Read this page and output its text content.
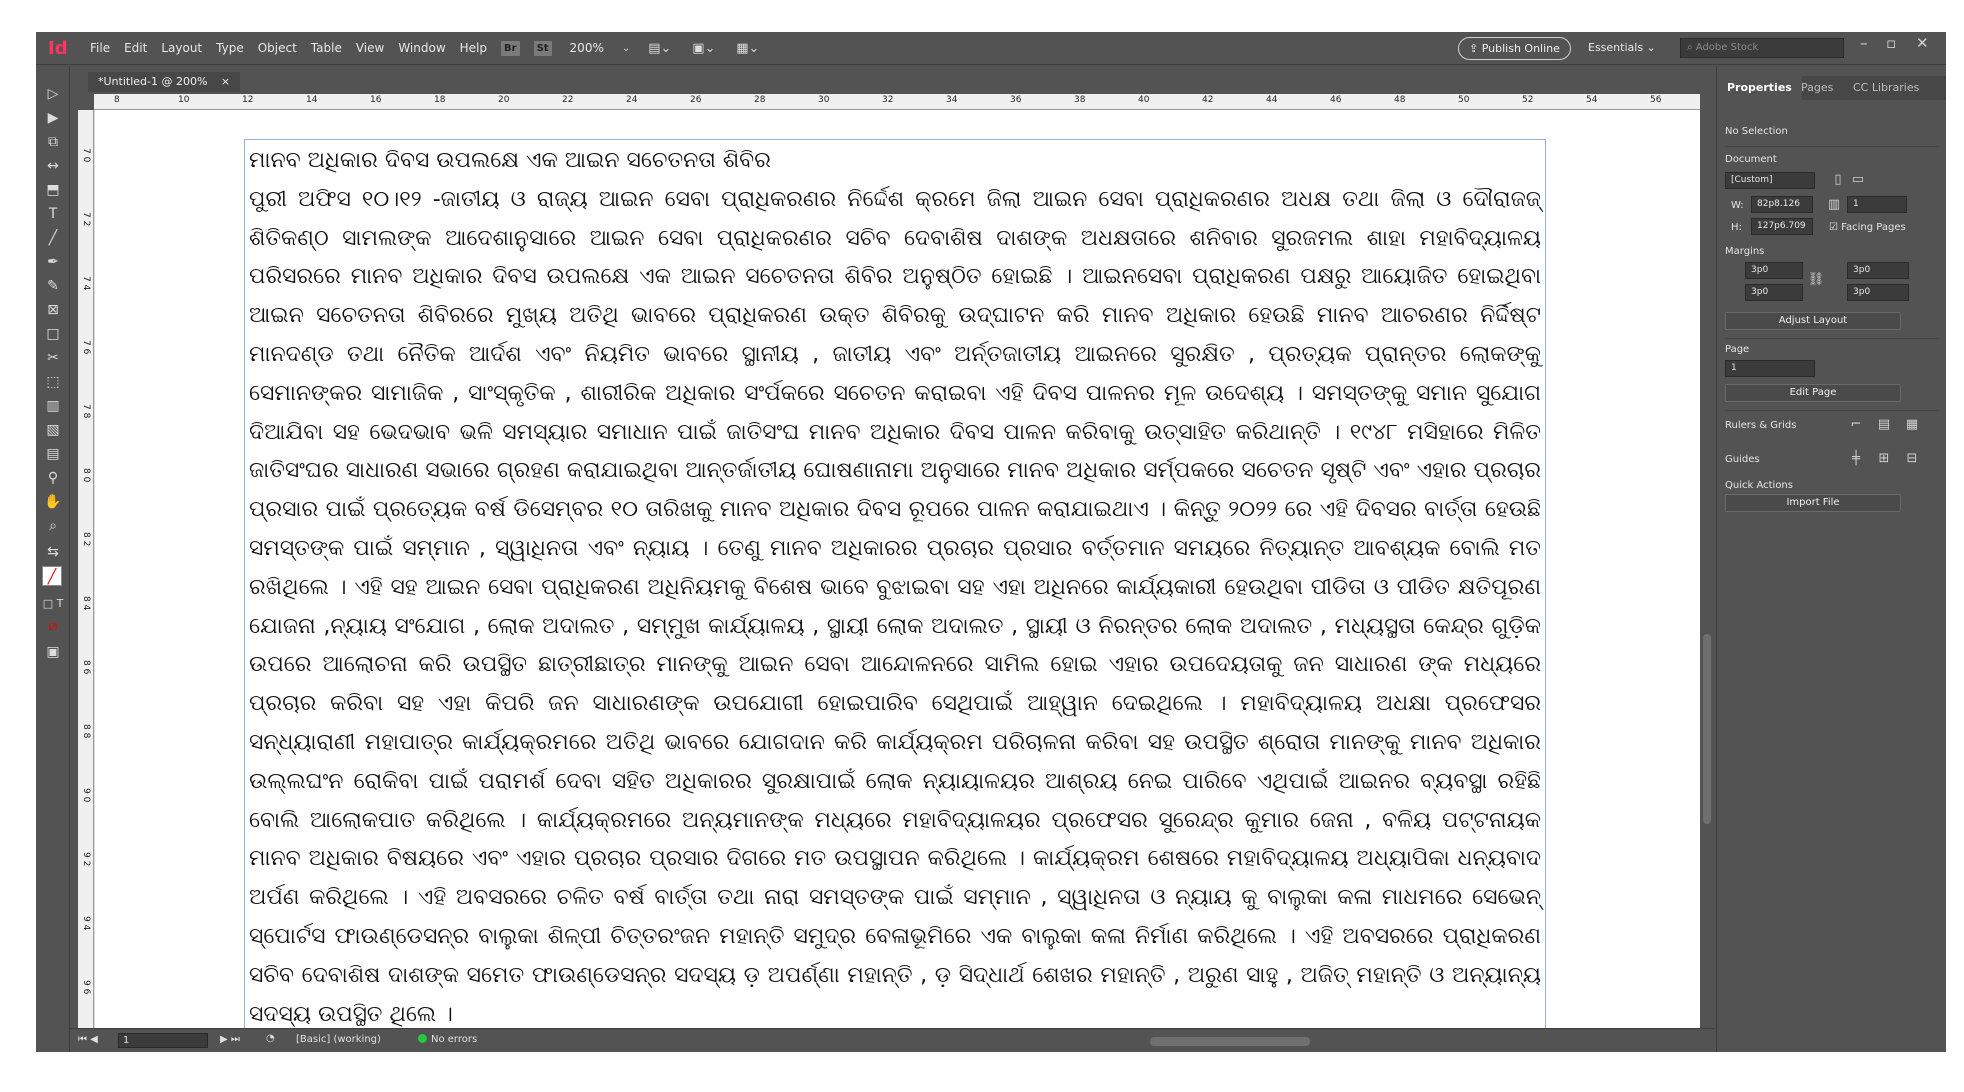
Id	File Edit Layout Type Object Table View Window Help	Br	St 200% ⌄ ▤⌄ ▣⌄ ▦⌄	⇪ Publish Online	Essentials ⌄	⌕ Adobe Stock	– ▫ ✕
▷
▶
⧉
↔
⬒
T
╱
✒
✎
⊠
□
✂
⬚
▥
▧
▤
⚲
✋
⌕
⇆
╱
□ T
⧄
▣
*Untitled-1 @ 200% ×
8	10	12	14	16	18	20	22	24	26	28	30	32	34	36	38	40	42	44	46	48	50	52	54	56
7 0
7 2
7 4
7 6
7 8
8 0
8 2
8 4
8 6
8 8
9 0
9 2
9 4
9 6

ମାନବ ଅଧିକାର ଦିବସ ଉପଲକ୍ଷେ ଏକ ଆଇନ ସଚେତନତା ଶିବିର

ପୁରୀ ଅଫିସ ୧୦।୧୨ -ଜାତୀୟ ଓ ରାଜ୍ୟ ଆଇନ ସେବା ପ୍ରାଧିକରଣର ନିର୍ଦ୍ଦେଶ କ୍ରମେ ଜିଲା ଆଇନ ସେବା ପ୍ରାଧିକରଣର ଅଧକ୍ଷ ତଥା ଜିଲା ଓ ଦୌରାଜଜ୍ ଶିତିକଣ୍ଠ ସାମଲଙ୍କ ଆଦେଶାନୁସାରେ ଆଇନ ସେବା ପ୍ରାଧିକରଣର ସଚିବ ଦେବାଶିଷ ଦାଶଙ୍କ ଅଧକ୍ଷତାରେ ଶନିବାର ସୁରଜମଲ ଶାହା ମହାବିଦ୍ୟାଳୟ ପରିସରରେ ମାନବ ଅଧିକାର ଦିବସ ଉପଲକ୍ଷେ ଏକ ଆଇନ ସଚେତନତା ଶିବିର ଅନୁଷ୍ଠିତ ହୋଇଛି । ଆଇନସେବା ପ୍ରାଧିକରଣ ପକ୍ଷରୁ ଆୟୋଜିତ ହୋଇଥିବା ଆଇନ ସଚେତନତା ଶିବିରରେ ମୁଖ୍ୟ ଅତିଥି ଭାବରେ ପ୍ରାଧିକରଣ ଉକ୍ତ ଶିବିରକୁ ଉଦ୍‌ଘାଟନ କରି ମାନବ ଅଧିକାର ହେଉଛି ମାନବ ଆଚରଣର ନିର୍ଦ୍ଦିଷ୍ଟ ମାନଦଣ୍ଡ ତଥା ନୈତିକ ଆର୍ଦଶ ଏବଂ ନିୟମିତ ଭାବରେ ସ୍ଥାନୀୟ , ଜାତୀୟ ଏବଂ ଅର୍ନ୍ତଜାତୀୟ ଆଇନରେ ସୁରକ୍ଷିତ , ପ୍ରତ୍ୟକ ପ୍ରାନ୍ତର ଲୋକଙ୍କୁ ସେମାନଙ୍କର ସାମାଜିକ , ସାଂସ୍କୃତିକ , ଶାରୀରିକ ଅଧିକାର ସଂର୍ପକରେ ସଚେତନ କରାଇବା ଏହି ଦିବସ ପାଳନର ମୂଳ ଉଦେଶ୍ୟ । ସମସ୍ତଙ୍କୁ ସମାନ ସୁଯୋଗ ଦିଆଯିବା ସହ ଭେଦଭାବ ଭଳି ସମସ୍ୟାର ସମାଧାନ ପାଇଁ ଜାତିସଂଘ ମାନବ ଅଧିକାର ଦିବସ ପାଳନ କରିବାକୁ ଉତ୍ସାହିତ କରିଥାନ୍ତି । ୧୯୪୮ ମସିହାରେ ମିଳିତ ଜାତିସଂଘର ସାଧାରଣ ସଭାରେ ଗ୍ରହଣ କରାଯାଇଥିବା ଆନ୍ତର୍ଜାତୀୟ ଘୋଷଣାନାମା ଅନୁସାରେ ମାନବ ଅଧିକାର ସର୍ମ୍ପକରେ ସଚେତନ ସୃଷ୍ଟି ଏବଂ ଏହାର ପ୍ରଚାର ପ୍ରସାର ପାଇଁ ପ୍ରତ୍ୟେକ ବର୍ଷ ଡିସେମ୍ବର ୧୦ ତାରିଖକୁ ମାନବ ଅଧିକାର ଦିବସ ରୂପରେ ପାଳନ କରାଯାଇଥାଏ । କିନ୍ତୁ ୨୦୨୨ ରେ ଏହି ଦିବସର ବାର୍ତ୍ତା ହେଉଛି ସମସ୍ତଙ୍କ ପାଇଁ ସମ୍ମାନ , ସ୍ୱାଧିନତା ଏବଂ ନ୍ୟାୟ । ତେଣୁ ମାନବ ଅଧିକାରର ପ୍ରଚାର ପ୍ରସାର ବର୍ତ୍ତମାନ ସମୟରେ ନିତ୍ୟାନ୍ତ ଆବଶ୍ୟକ ବୋଲି ମତ ରଖିଥିଲେ । ଏହି ସହ ଆଇନ ସେବା ପ୍ରାଧିକରଣ ଅଧିନିୟମକୁ ବିଶେଷ ଭାବେ ବୁଝାଇବା ସହ ଏହା ଅଧିନରେ କାର୍ଯ୍ୟକାରୀ ହେଉଥିବା ପୀଡିତା ଓ ପୀଡିତ କ୍ଷତିପୂରଣ ଯୋଜନା ,ନ୍ୟାୟ ସଂଯୋଗ , ଲୋକ ଅଦାଲତ , ସମ୍ମୁଖ କାର୍ଯ୍ୟାଳୟ , ସ୍ଥାୟୀ ଲୋକ ଅଦାଲତ , ସ୍ଥାୟୀ ଓ ନିରନ୍ତର ଲୋକ ଅଦାଲତ , ମଧ୍ୟସ୍ଥତା କେନ୍ଦ୍ର ଗୁଡ଼ିକ ଉପରେ ଆଲୋଚନା କରି ଉପସ୍ଥିତ ଛାତ୍ରୀଛାତ୍ର ମାନଙ୍କୁ ଆଇନ ସେବା ଆନ୍ଦୋଳନରେ ସାମିଲ ହୋଇ ଏହାର ଉପଦେୟତାକୁ ଜନ ସାଧାରଣ ଙ୍କ ମଧ୍ୟରେ ପ୍ରଚାର କରିବା ସହ ଏହା କିପରି ଜନ ସାଧାରଣଙ୍କ ଉପଯୋଗୀ ହୋଇପାରିବ ସେଥିପାଇଁ ଆହ୍ୱାନ ଦେଇଥିଲେ । ମହାବିଦ୍ୟାଳୟ ଅଧକ୍ଷା ପ୍ରଫେସର ସନ୍ଧ୍ୟାରାଣୀ ମହାପାତ୍ର କାର୍ଯ୍ୟକ୍ରମରେ ଅତିଥି ଭାବରେ ଯୋଗଦାନ କରି କାର୍ଯ୍ୟକ୍ରମ ପରିଚାଳନା କରିବା ସହ ଉପସ୍ଥିତ ଶ୍ରୋତା ମାନଙ୍କୁ ମାନବ ଅଧିକାର ଉଲ୍ଲଘଂନ ରୋକିବା ପାଇଁ ପରାମର୍ଶ ଦେବା ସହିତ ଅଧିକାରର ସୁରକ୍ଷାପାଇଁ ଲୋକ ନ୍ୟାୟାଳୟର ଆଶ୍ରୟ ନେଇ ପାରିବେ ଏଥିପାଇଁ ଆଇନର ବ୍ୟବସ୍ଥା ରହିଛି ବୋଲି ଆଲୋକପାତ କରିଥିଲେ । କାର୍ଯ୍ୟକ୍ରମରେ ଅନ୍ୟମାନଙ୍କ ମଧ୍ୟରେ ମହାବିଦ୍ୟାଳୟର ପ୍ରଫେସର ସୁରେନ୍ଦ୍ର କୁମାର ଜେନା , ବଳିୟ ପଟ୍ଟନାୟକ ମାନବ ଅଧିକାର ବିଷୟରେ ଏବଂ ଏହାର ପ୍ରଚାର ପ୍ରସାର ଦିଗରେ ମତ ଉପସ୍ଥାପନ କରିଥିଲେ । କାର୍ଯ୍ୟକ୍ରମ ଶେଷରେ ମହାବିଦ୍ୟାଳୟ ଅଧ୍ୟାପିକା ଧନ୍ୟବାଦ ଅର୍ପଣ କରିଥିଲେ । ଏହି ଅବସରରେ ଚଳିତ ବର୍ଷ ବାର୍ତ୍ତା ତଥା ନାରା ସମସ୍ତଙ୍କ ପାଇଁ ସମ୍ମାନ , ସ୍ୱାଧିନତା ଓ ନ୍ୟାୟ କୁ ବାଲୁକା କଳା ମାଧମରେ ସେଭେନ୍ ସ୍ପୋର୍ଟସ ଫାଉଣ୍ଡେସନ୍‌ର ବାଲୁକା ଶିଳ୍ପୀ ଚିତ୍ତରଂଜନ ମହାନ୍ତି ସମୁଦ୍ର ବେଳାଭୂମିରେ ଏକ ବାଲୁକା କଳା ନିର୍ମାଣ କରିଥିଲେ । ଏହି ଅବସରରେ ପ୍ରାଧିକରଣ ସଚିବ ଦେବାଶିଷ ଦାଶଙ୍କ ସମେତ ଫାଉଣ୍ଡେସନ୍‌ର ସଦସ୍ୟ ଡ଼ ଅପର୍ଣ୍ଣା ମହାନ୍ତି , ଡ଼ ସିଦ୍ଧାର୍ଥ ଶେଖର ମହାନ୍ତି , ଅରୁଣ ସାହୁ , ଅଜିତ୍ ମହାନ୍ତି ଓ ଅନ୍ୟାନ୍ୟ ସଦସ୍ୟ ଉପସ୍ଥିତ ଥିଲେ ।

⏮ ◀	1	▶ ⏭	◔ [Basic] (working)	No errors
Properties Pages	CC Libraries
No Selection
Document
[Custom]	▯ ▭
W:	82p8.126
H:	127p6.709
▥	1
☑ Facing Pages
Margins
3p0
3p0
⛓
3p0
3p0
Adjust Layout
Page
1
Edit Page
Rulers & Grids	⌐ ▤ ▦
Guides	╪	⊞ ⊟
Quick Actions
Import File
